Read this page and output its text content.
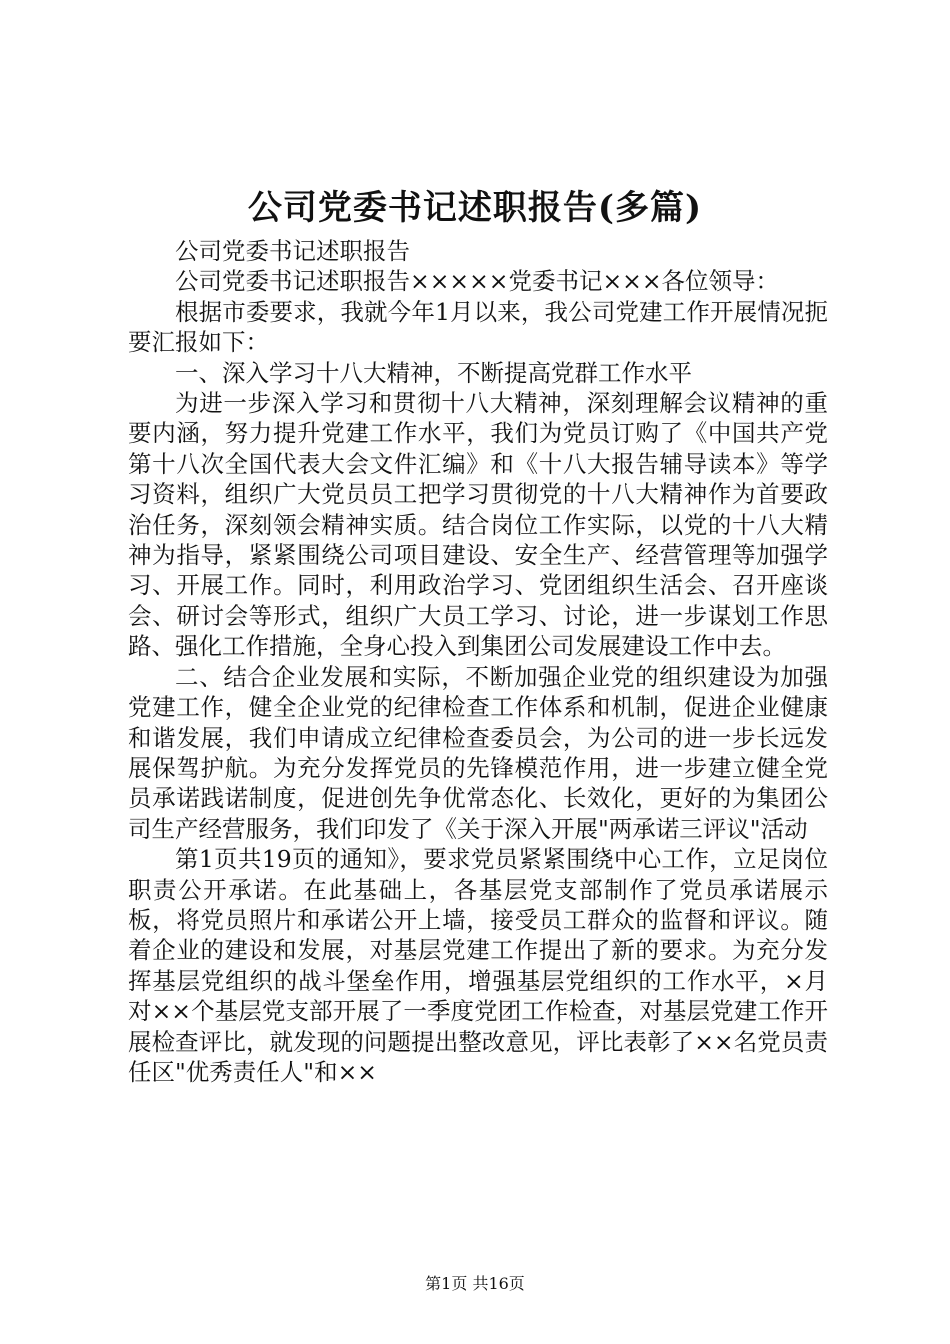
公司党委书记述职报告(多篇)

公司党委书记述职报告

公司党委书记述职报告×××××党委书记×××各位领导：

根据市委要求，我就今年1月以来，我公司党建工作开展情况扼要汇报如下：

一、深入学习十八大精神，不断提高党群工作水平

为进一步深入学习和贯彻十八大精神，深刻理解会议精神的重要内涵，努力提升党建工作水平，我们为党员订购了《中国共产党第十八次全国代表大会文件汇编》和《十八大报告辅导读本》等学习资料，组织广大党员员工把学习贯彻党的十八大精神作为首要政治任务，深刻领会精神实质。结合岗位工作实际，以党的十八大精神为指导，紧紧围绕公司项目建设、安全生产、经营管理等加强学习、开展工作。同时，利用政治学习、党团组织生活会、召开座谈会、研讨会等形式，组织广大员工学习、讨论，进一步谋划工作思路、强化工作措施，全身心投入到集团公司发展建设工作中去。

二、结合企业发展和实际，不断加强企业党的组织建设为加强党建工作，健全企业党的纪律检查工作体系和机制，促进企业健康和谐发展，我们申请成立纪律检查委员会，为公司的进一步长远发展保驾护航。为充分发挥党员的先锋模范作用，进一步建立健全党员承诺践诺制度，促进创先争优常态化、长效化，更好的为集团公司生产经营服务，我们印发了《关于深入开展"两承诺三评议"活动

第1页共19页的通知》，要求党员紧紧围绕中心工作，立足岗位职责公开承诺。在此基础上，各基层党支部制作了党员承诺展示板，将党员照片和承诺公开上墙，接受员工群众的监督和评议。随着企业的建设和发展，对基层党建工作提出了新的要求。为充分发挥基层党组织的战斗堡垒作用，增强基层党组织的工作水平，×月对××个基层党支部开展了一季度党团工作检查，对基层党建工作开展检查评比，就发现的问题提出整改意见，评比表彰了××名党员责任区"优秀责任人"和××

第1页 共16页
